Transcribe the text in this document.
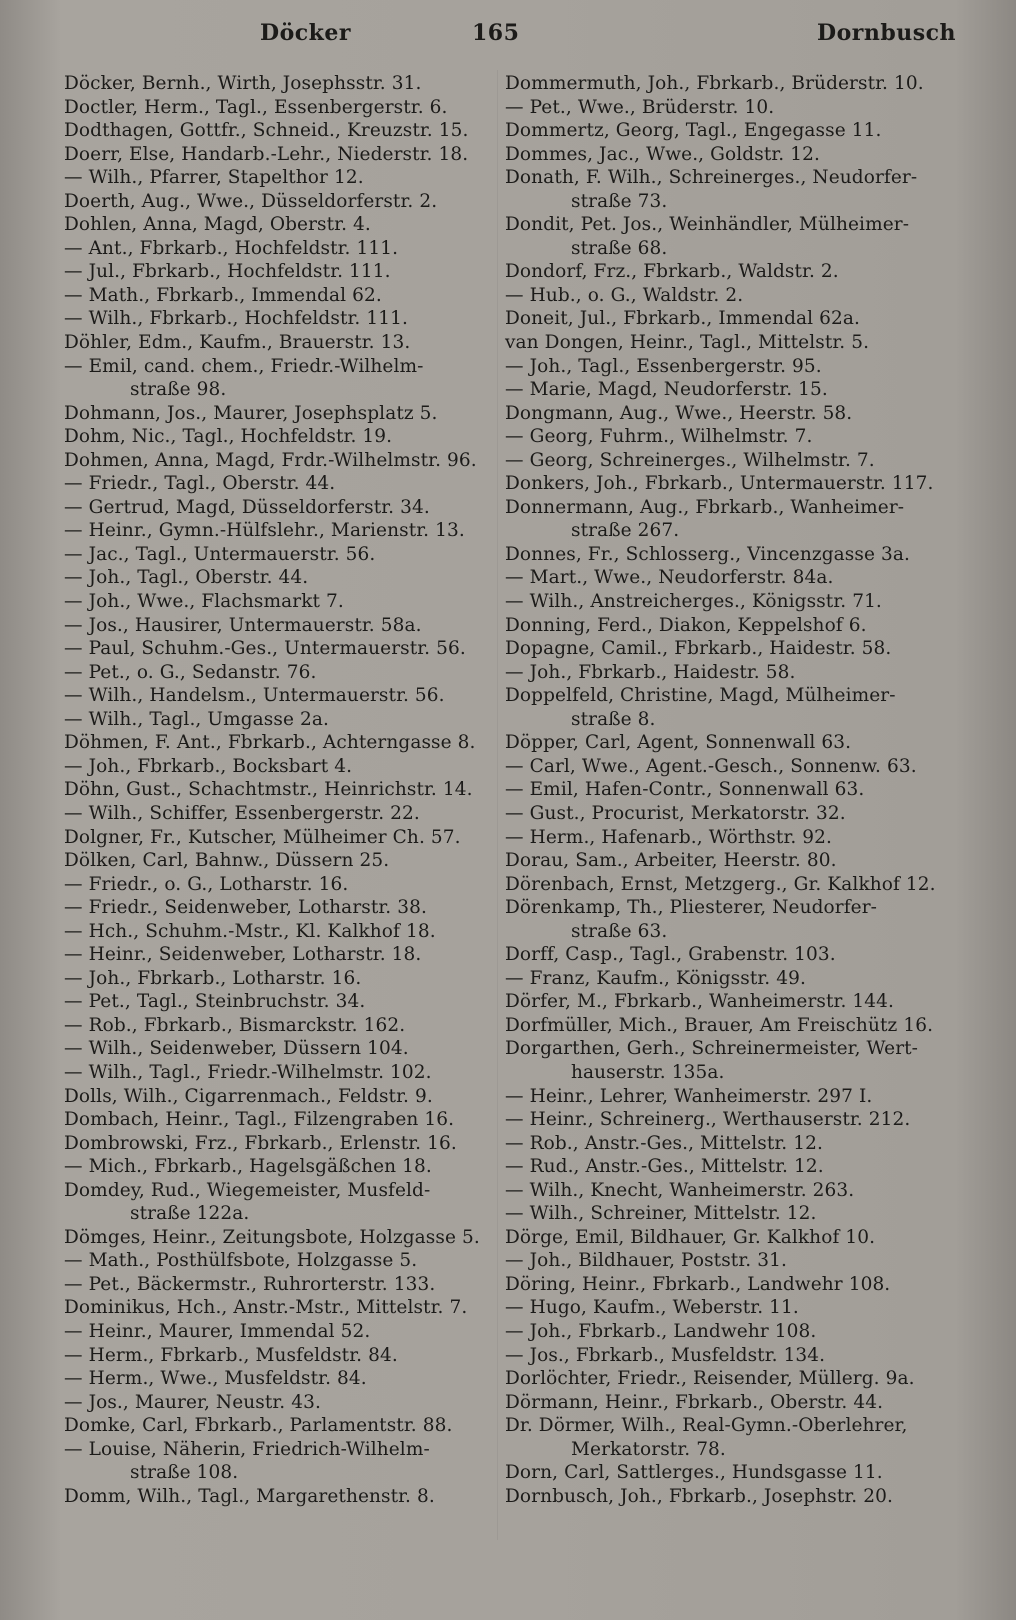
Döcker	165	Dornbusch
Döcker, Bernh., Wirth, Josephsstr. 31.
Doctler, Herm., Tagl., Essenbergerstr. 6.
Dodthagen, Gottfr., Schneid., Kreuzstr. 15.
Doerr, Else, Handarb.-Lehr., Niederstr. 18.
— Wilh., Pfarrer, Stapelthor 12.
Doerth, Aug., Wwe., Düsseldorferstr. 2.
Dohlen, Anna, Magd, Oberstr. 4.
— Ant., Fbrkarb., Hochfeldstr. 111.
— Jul., Fbrkarb., Hochfeldstr. 111.
— Math., Fbrkarb., Immendal 62.
— Wilh., Fbrkarb., Hochfeldstr. 111.
Döhler, Edm., Kaufm., Brauerstr. 13.
— Emil, cand. chem., Friedr.-Wilhelm-
straße 98.
Dohmann, Jos., Maurer, Josephsplatz 5.
Dohm, Nic., Tagl., Hochfeldstr. 19.
Dohmen, Anna, Magd, Frdr.-Wilhelmstr. 96.
— Friedr., Tagl., Oberstr. 44.
— Gertrud, Magd, Düsseldorferstr. 34.
— Heinr., Gymn.-Hülfslehr., Marienstr. 13.
— Jac., Tagl., Untermauerstr. 56.
— Joh., Tagl., Oberstr. 44.
— Joh., Wwe., Flachsmarkt 7.
— Jos., Hausirer, Untermauerstr. 58a.
— Paul, Schuhm.-Ges., Untermauerstr. 56.
— Pet., o. G., Sedanstr. 76.
— Wilh., Handelsm., Untermauerstr. 56.
— Wilh., Tagl., Umgasse 2a.
Döhmen, F. Ant., Fbrkarb., Achterngasse 8.
— Joh., Fbrkarb., Bocksbart 4.
Döhn, Gust., Schachtmstr., Heinrichstr. 14.
— Wilh., Schiffer, Essenbergerstr. 22.
Dolgner, Fr., Kutscher, Mülheimer Ch. 57.
Dölken, Carl, Bahnw., Düssern 25.
— Friedr., o. G., Lotharstr. 16.
— Friedr., Seidenweber, Lotharstr. 38.
— Hch., Schuhm.-Mstr., Kl. Kalkhof 18.
— Heinr., Seidenweber, Lotharstr. 18.
— Joh., Fbrkarb., Lotharstr. 16.
— Pet., Tagl., Steinbruchstr. 34.
— Rob., Fbrkarb., Bismarckstr. 162.
— Wilh., Seidenweber, Düssern 104.
— Wilh., Tagl., Friedr.-Wilhelmstr. 102.
Dolls, Wilh., Cigarrenmach., Feldstr. 9.
Dombach, Heinr., Tagl., Filzengraben 16.
Dombrowski, Frz., Fbrkarb., Erlenstr. 16.
— Mich., Fbrkarb., Hagelsgäßchen 18.
Domdey, Rud., Wiegemeister, Musfeld-
straße 122a.
Dömges, Heinr., Zeitungsbote, Holzgasse 5.
— Math., Posthülfsbote, Holzgasse 5.
— Pet., Bäckermstr., Ruhrorterstr. 133.
Dominikus, Hch., Anstr.-Mstr., Mittelstr. 7.
— Heinr., Maurer, Immendal 52.
— Herm., Fbrkarb., Musfeldstr. 84.
— Herm., Wwe., Musfeldstr. 84.
— Jos., Maurer, Neustr. 43.
Domke, Carl, Fbrkarb., Parlamentstr. 88.
— Louise, Näherin, Friedrich-Wilhelm-
straße 108.
Domm, Wilh., Tagl., Margarethenstr. 8.
Dommermuth, Joh., Fbrkarb., Brüderstr. 10.
— Pet., Wwe., Brüderstr. 10.
Dommertz, Georg, Tagl., Engegasse 11.
Dommes, Jac., Wwe., Goldstr. 12.
Donath, F. Wilh., Schreinerges., Neudorfer-
straße 73.
Dondit, Pet. Jos., Weinhändler, Mülheimer-
straße 68.
Dondorf, Frz., Fbrkarb., Waldstr. 2.
— Hub., o. G., Waldstr. 2.
Doneit, Jul., Fbrkarb., Immendal 62a.
van Dongen, Heinr., Tagl., Mittelstr. 5.
— Joh., Tagl., Essenbergerstr. 95.
— Marie, Magd, Neudorferstr. 15.
Dongmann, Aug., Wwe., Heerstr. 58.
— Georg, Fuhrm., Wilhelmstr. 7.
— Georg, Schreinerges., Wilhelmstr. 7.
Donkers, Joh., Fbrkarb., Untermauerstr. 117.
Donnermann, Aug., Fbrkarb., Wanheimer-
straße 267.
Donnes, Fr., Schlosserg., Vincenzgasse 3a.
— Mart., Wwe., Neudorferstr. 84a.
— Wilh., Anstreicherges., Königsstr. 71.
Donning, Ferd., Diakon, Keppelshof 6.
Dopagne, Camil., Fbrkarb., Haidestr. 58.
— Joh., Fbrkarb., Haidestr. 58.
Doppelfeld, Christine, Magd, Mülheimer-
straße 8.
Döpper, Carl, Agent, Sonnenwall 63.
— Carl, Wwe., Agent.-Gesch., Sonnenw. 63.
— Emil, Hafen-Contr., Sonnenwall 63.
— Gust., Procurist, Merkatorstr. 32.
— Herm., Hafenarb., Wörthstr. 92.
Dorau, Sam., Arbeiter, Heerstr. 80.
Dörenbach, Ernst, Metzgerg., Gr. Kalkhof 12.
Dörenkamp, Th., Pliesterer, Neudorfer-
straße 63.
Dorff, Casp., Tagl., Grabenstr. 103.
— Franz, Kaufm., Königsstr. 49.
Dörfer, M., Fbrkarb., Wanheimerstr. 144.
Dorfmüller, Mich., Brauer, Am Freischütz 16.
Dorgarthen, Gerh., Schreinermeister, Wert-
hauserstr. 135a.
— Heinr., Lehrer, Wanheimerstr. 297 I.
— Heinr., Schreinerg., Werthauserstr. 212.
— Rob., Anstr.-Ges., Mittelstr. 12.
— Rud., Anstr.-Ges., Mittelstr. 12.
— Wilh., Knecht, Wanheimerstr. 263.
— Wilh., Schreiner, Mittelstr. 12.
Dörge, Emil, Bildhauer, Gr. Kalkhof 10.
— Joh., Bildhauer, Poststr. 31.
Döring, Heinr., Fbrkarb., Landwehr 108.
— Hugo, Kaufm., Weberstr. 11.
— Joh., Fbrkarb., Landwehr 108.
— Jos., Fbrkarb., Musfeldstr. 134.
Dorlöchter, Friedr., Reisender, Müllerg. 9a.
Dörmann, Heinr., Fbrkarb., Oberstr. 44.
Dr. Dörmer, Wilh., Real-Gymn.-Oberlehrer,
Merkatorstr. 78.
Dorn, Carl, Sattlerges., Hundsgasse 11.
Dornbusch, Joh., Fbrkarb., Josephstr. 20.
